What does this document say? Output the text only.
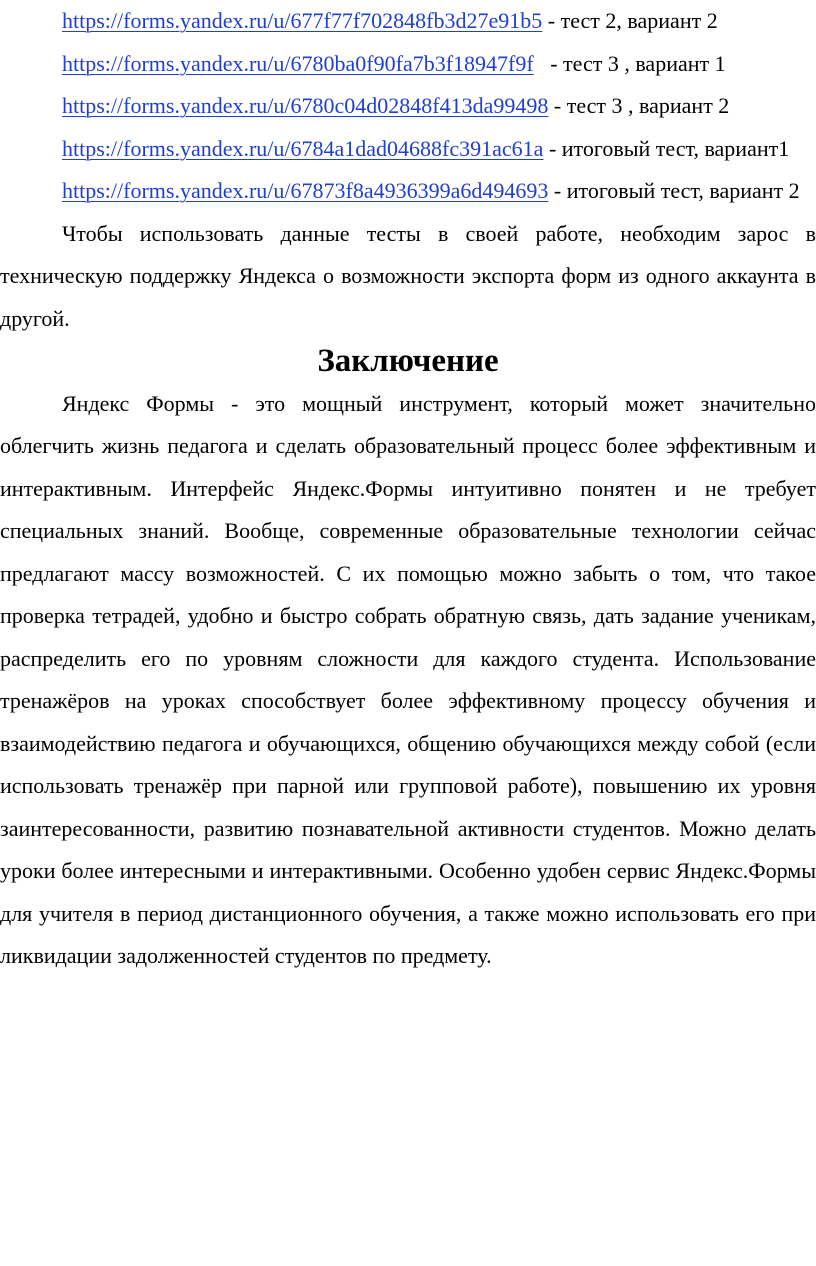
https://forms.yandex.ru/u/677f77f702848fb3d27e91b5 - тест 2, вариант 2

https://forms.yandex.ru/u/6780ba0f90fa7b3f18947f9f   - тест 3 , вариант 1

https://forms.yandex.ru/u/6780c04d02848f413da99498 - тест 3 , вариант 2

https://forms.yandex.ru/u/6784a1dad04688fc391ac61a - итоговый тест, вариант1

https://forms.yandex.ru/u/67873f8a4936399a6d494693 - итоговый тест, вариант 2

Чтобы использовать данные тесты в своей работе, необходим зарос в техническую поддержку Яндекса о возможности экспорта форм из одного аккаунта в другой.

Заключение

Яндекс Формы - это мощный инструмент, который может значительно облегчить жизнь педагога и сделать образовательный процесс более эффективным и интерактивным. Интерфейс Яндекс.Формы интуитивно понятен и не требует специальных знаний. Вообще, современные образовательные технологии сейчас предлагают массу возможностей. С их помощью можно забыть о том, что такое проверка тетрадей, удобно и быстро собрать обратную связь, дать задание ученикам, распределить его по уровням сложности для каждого студента. Использование тренажёров на уроках способствует более эффективному процессу обучения и взаимодействию педагога и обучающихся, общению обучающихся между собой (если использовать тренажёр при парной или групповой работе), повышению их уровня заинтересованности, развитию познавательной активности студентов. Можно делать уроки более интересными и интерактивными. Особенно удобен сервис Яндекс.Формы для учителя в период дистанционного обучения, а также можно использовать его при ликвидации задолженностей студентов по предмету.
